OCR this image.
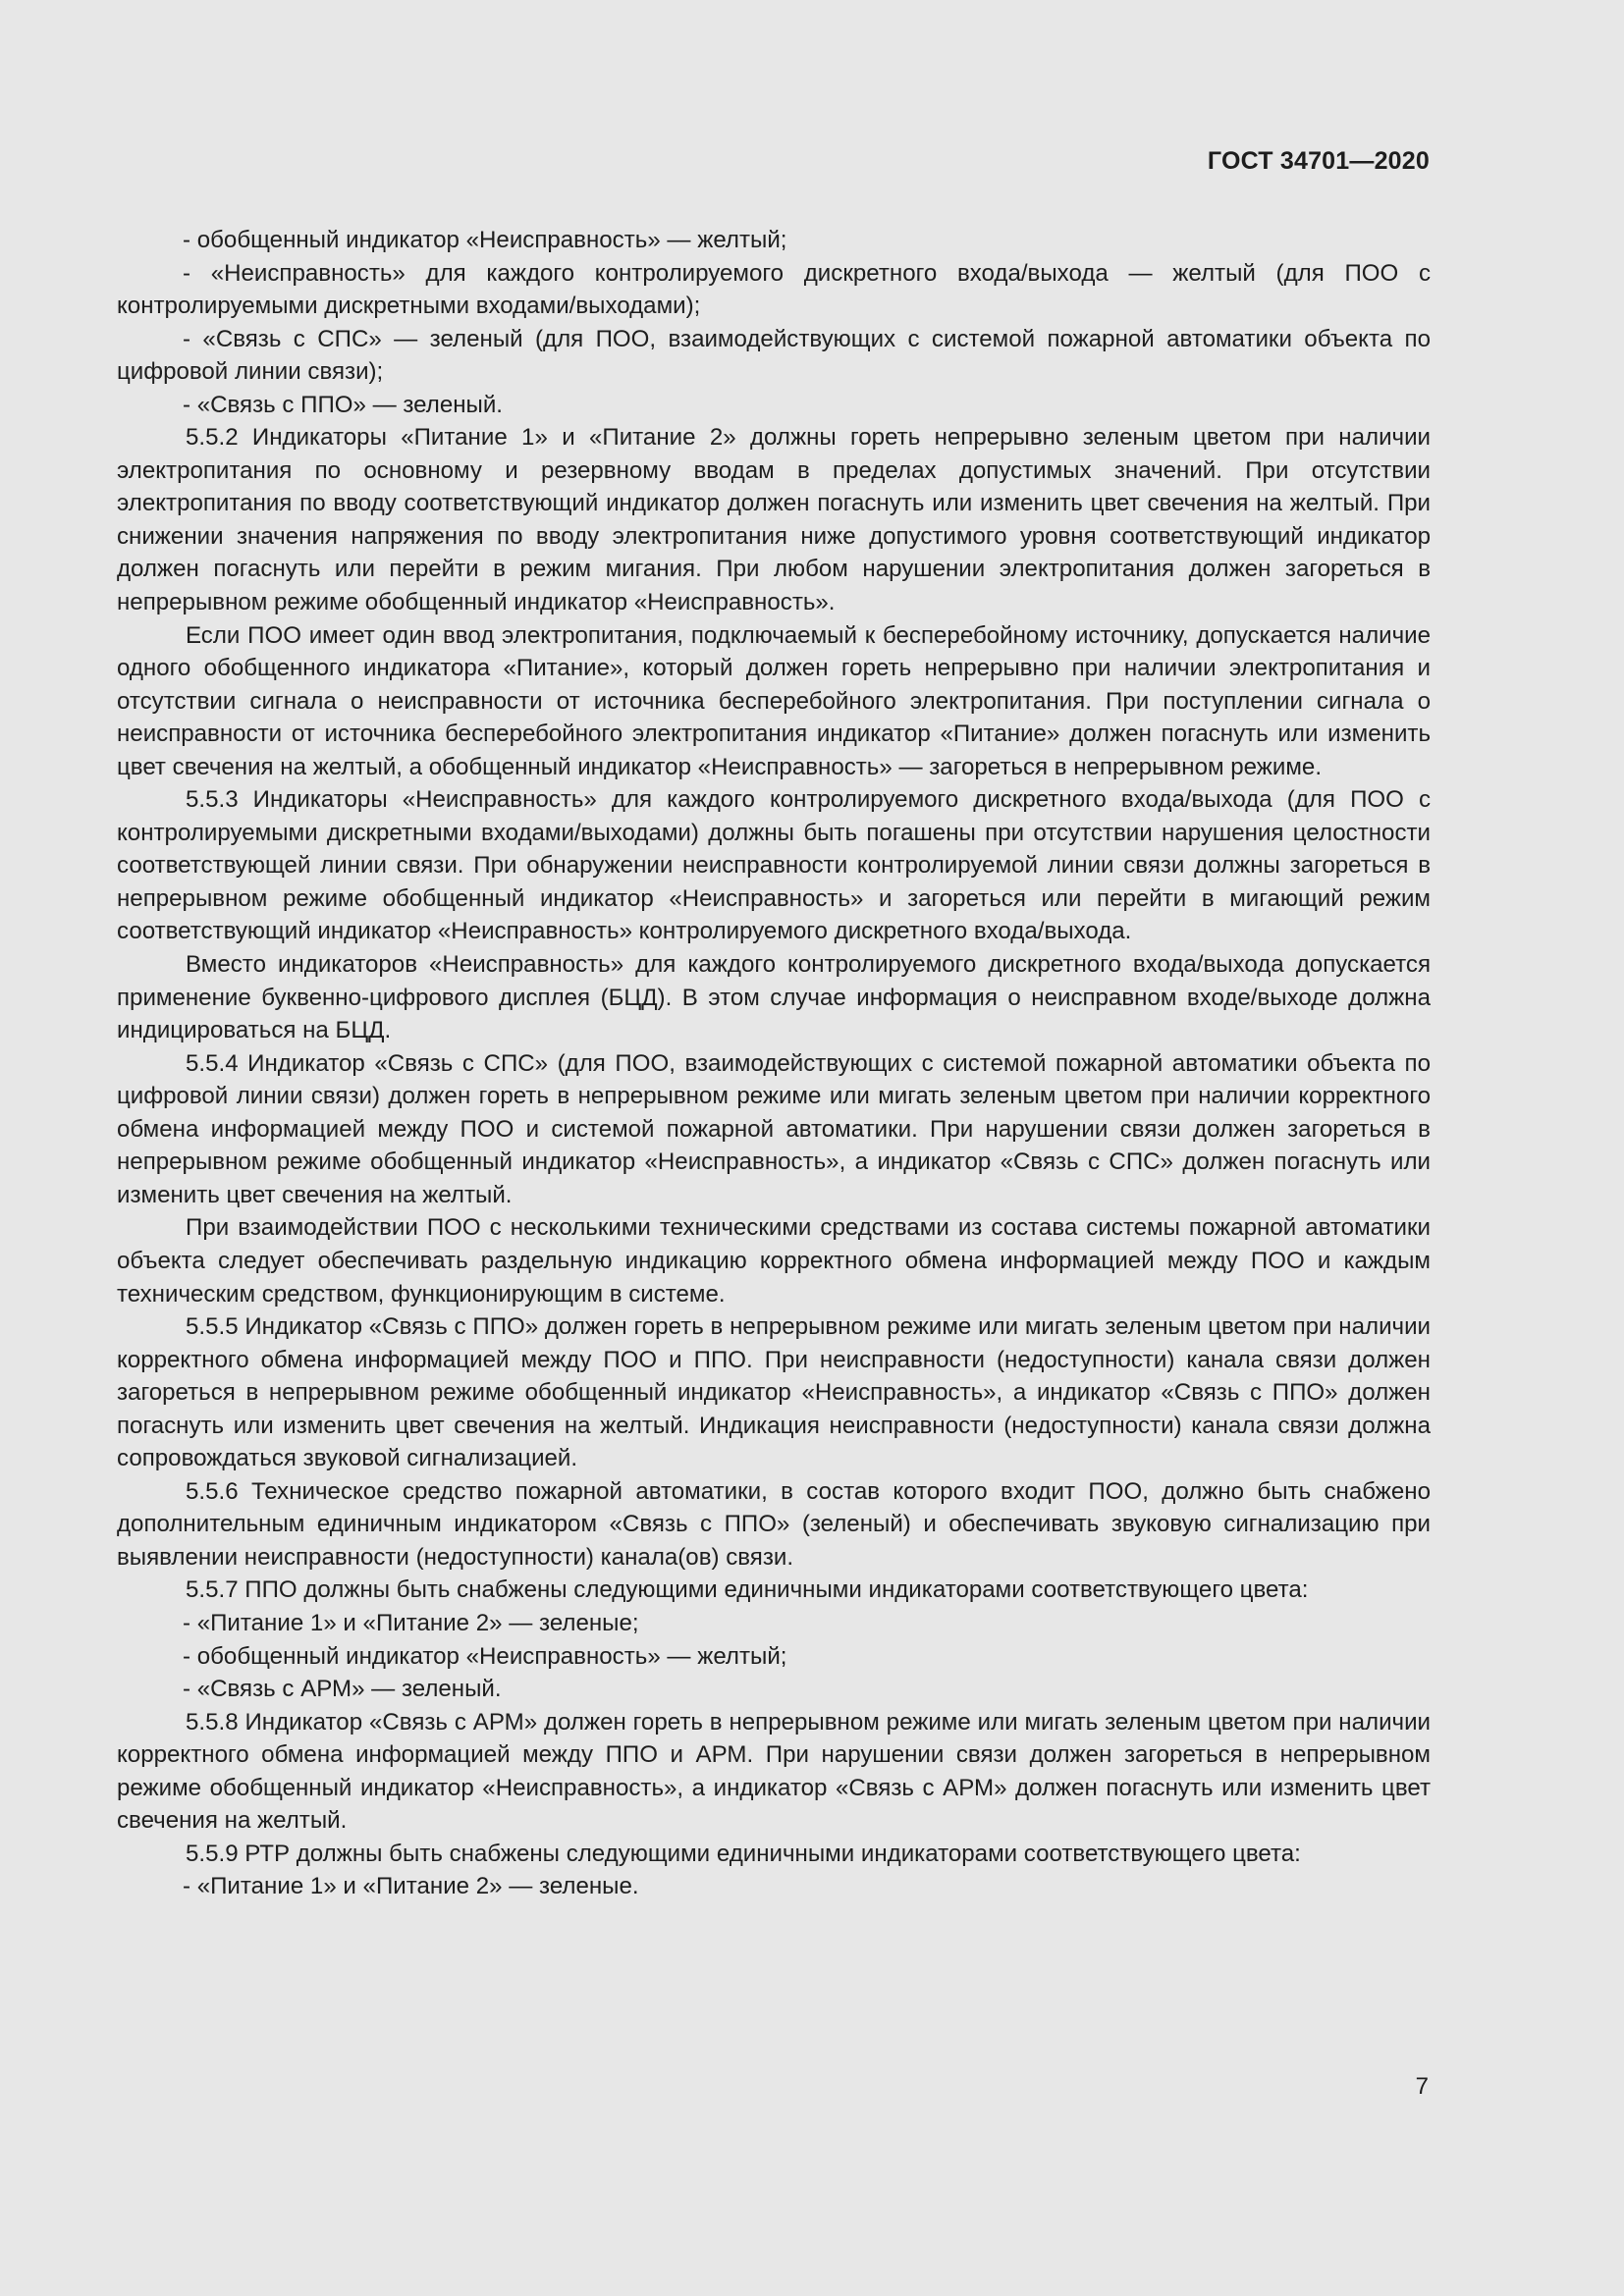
ГОСТ 34701—2020

- обобщенный индикатор «Неисправность» — желтый;

- «Неисправность» для каждого контролируемого дискретного входа/выхода — желтый (для ПОО с контролируемыми дискретными входами/выходами);

- «Связь с СПС» — зеленый (для ПОО, взаимодействующих с системой пожарной автоматики объекта по цифровой линии связи);

- «Связь с ППО» — зеленый.

5.5.2 Индикаторы «Питание 1» и «Питание 2» должны гореть непрерывно зеленым цветом при наличии электропитания по основному и резервному вводам в пределах допустимых значений. При отсутствии электропитания по вводу соответствующий индикатор должен погаснуть или изменить цвет свечения на желтый. При снижении значения напряжения по вводу электропитания ниже допустимого уровня соответствующий индикатор должен погаснуть или перейти в режим мигания. При любом нарушении электропитания должен загореться в непрерывном режиме обобщенный индикатор «Неисправность».

Если ПОО имеет один ввод электропитания, подключаемый к бесперебойному источнику, допускается наличие одного обобщенного индикатора «Питание», который должен гореть непрерывно при наличии электропитания и отсутствии сигнала о неисправности от источника бесперебойного электропитания. При поступлении сигнала о неисправности от источника бесперебойного электропитания индикатор «Питание» должен погаснуть или изменить цвет свечения на желтый, а обобщенный индикатор «Неисправность» — загореться в непрерывном режиме.

5.5.3 Индикаторы «Неисправность» для каждого контролируемого дискретного входа/выхода (для ПОО с контролируемыми дискретными входами/выходами) должны быть погашены при отсутствии нарушения целостности соответствующей линии связи. При обнаружении неисправности контролируемой линии связи должны загореться в непрерывном режиме обобщенный индикатор «Неисправность» и загореться или перейти в мигающий режим соответствующий индикатор «Неисправность» контролируемого дискретного входа/выхода.

Вместо индикаторов «Неисправность» для каждого контролируемого дискретного входа/выхода допускается применение буквенно-цифрового дисплея (БЦД). В этом случае информация о неисправном входе/выходе должна индицироваться на БЦД.

5.5.4 Индикатор «Связь с СПС» (для ПОО, взаимодействующих с системой пожарной автоматики объекта по цифровой линии связи) должен гореть в непрерывном режиме или мигать зеленым цветом при наличии корректного обмена информацией между ПОО и системой пожарной автоматики. При нарушении связи должен загореться в непрерывном режиме обобщенный индикатор «Неисправность», а индикатор «Связь с СПС» должен погаснуть или изменить цвет свечения на желтый.

При взаимодействии ПОО с несколькими техническими средствами из состава системы пожарной автоматики объекта следует обеспечивать раздельную индикацию корректного обмена информацией между ПОО и каждым техническим средством, функционирующим в системе.

5.5.5 Индикатор «Связь с ППО» должен гореть в непрерывном режиме или мигать зеленым цветом при наличии корректного обмена информацией между ПОО и ППО. При неисправности (недоступности) канала связи должен загореться в непрерывном режиме обобщенный индикатор «Неисправность», а индикатор «Связь с ППО» должен погаснуть или изменить цвет свечения на желтый. Индикация неисправности (недоступности) канала связи должна сопровождаться звуковой сигнализацией.

5.5.6 Техническое средство пожарной автоматики, в состав которого входит ПОО, должно быть снабжено дополнительным единичным индикатором «Связь с ППО» (зеленый) и обеспечивать звуковую сигнализацию при выявлении неисправности (недоступности) канала(ов) связи.

5.5.7 ППО должны быть снабжены следующими единичными индикаторами соответствующего цвета:

- «Питание 1» и «Питание 2» — зеленые;

- обобщенный индикатор «Неисправность» — желтый;

- «Связь с АРМ» — зеленый.

5.5.8 Индикатор «Связь с АРМ» должен гореть в непрерывном режиме или мигать зеленым цветом при наличии корректного обмена информацией между ППО и АРМ. При нарушении связи должен загореться в непрерывном режиме обобщенный индикатор «Неисправность», а индикатор «Связь с АРМ» должен погаснуть или изменить цвет свечения на желтый.

5.5.9 РТР должны быть снабжены следующими единичными индикаторами соответствующего цвета:

- «Питание 1» и «Питание 2» — зеленые.

7
